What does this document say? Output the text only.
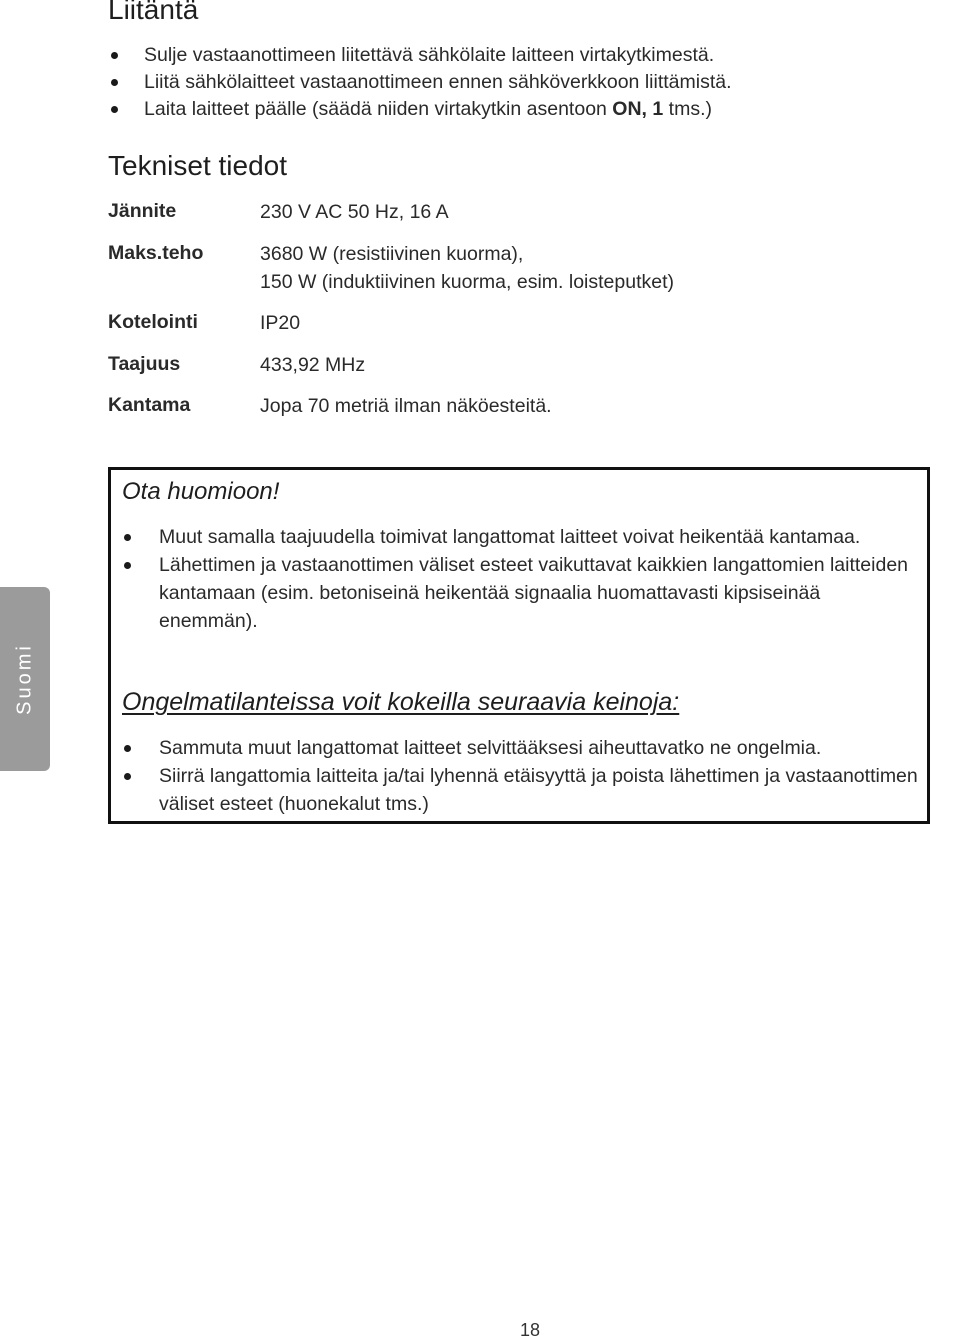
Liitäntä
Sulje vastaanottimeen liitettävä sähkölaite laitteen virtakytkimestä.
Liitä sähkölaitteet vastaanottimeen ennen sähköverkkoon liittämistä.
Laita laitteet päälle (säädä niiden virtakytkin asentoon ON, 1 tms.)
Tekniset tiedot
Jännite	230 V AC 50 Hz, 16 A
Maks.teho	3680 W (resistiivinen kuorma),
150 W (induktiivinen kuorma, esim. loisteputket)
Kotelointi	IP20
Taajuus	433,92 MHz
Kantama	Jopa 70 metriä ilman näköesteitä.
Ota huomioon!
Muut samalla taajuudella toimivat langattomat laitteet voivat heikentää kantamaa.
Lähettimen ja vastaanottimen väliset esteet vaikuttavat kaikkien langattomien laitteiden kantamaan (esim. betoniseinä heikentää signaalia huomattavasti kipsiseinää enemmän).
Ongelmatilanteissa voit kokeilla seuraavia keinoja:
Sammuta muut langattomat laitteet selvittääksesi aiheuttavatko ne ongelmia.
Siirrä langattomia laitteita ja/tai lyhennä etäisyyttä ja poista lähettimen ja vastaanottimen väliset esteet (huonekalut tms.)
Suomi
18
